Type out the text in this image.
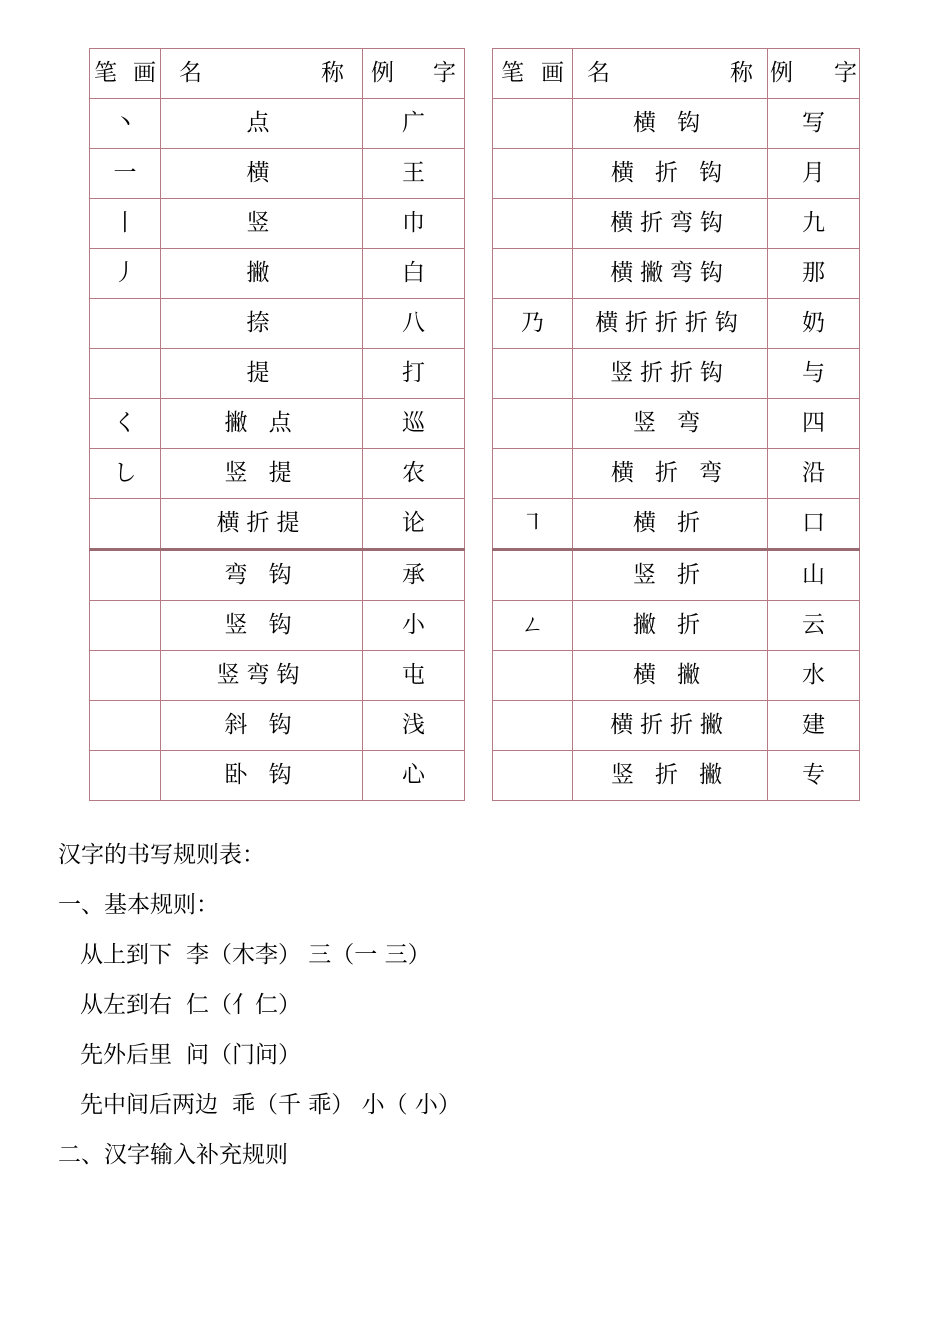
笔 画	名 称	例 字		笔 画	名 称	例 字

丶	点	广			横 钩	写
一	横	王			横 折 钩	月
丨	竖	巾			横折弯钩	九
丿	撇	白			横撇弯钩	那
	捺	八		乃	横折折折钩	奶
	提	打			竖折折钩	与
く	撇 点	巡			竖 弯	四
し	竖 提	农			横 折 弯	沿
	横折提	论		㇕	横 折	口
	弯 钩	承			竖 折	山
	竖 钩	小		ㄥ	撇 折	云
	竖弯钩	屯			横 撇	水
	斜 钩	浅			横折折撇	建
	卧 钩	心			竖 折 撇	专
汉字的书写规则表：
一、基本规则：
从上到下 李（木李） 三（一 三）
从左到右 仁（亻仁）
先外后里 问（门问）
先中间后两边 乖（千 乖） 小（ 小）
二、汉字输入补充规则
